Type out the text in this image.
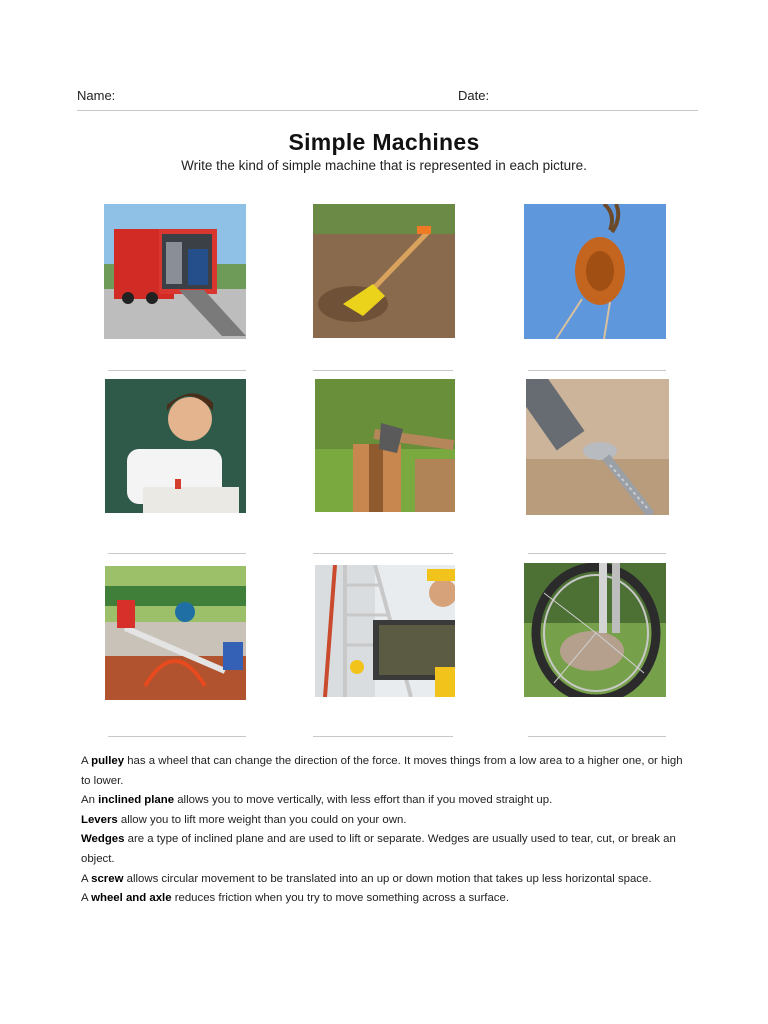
Name:	Date:
Simple Machines
Write the kind of simple machine that is represented in each picture.

A pulley has a wheel that can change the direction of the force. It moves things from a low area to a higher one, or high to lower.

An inclined plane allows you to move vertically, with less effort than if you moved straight up.

Levers allow you to lift more weight than you could on your own.

Wedges are a type of inclined plane and are used to lift or separate. Wedges are usually used to tear, cut, or break an object.

A screw allows circular movement to be translated into an up or down motion that takes up less horizontal space.

A wheel and axle reduces friction when you try to move something across a surface.
